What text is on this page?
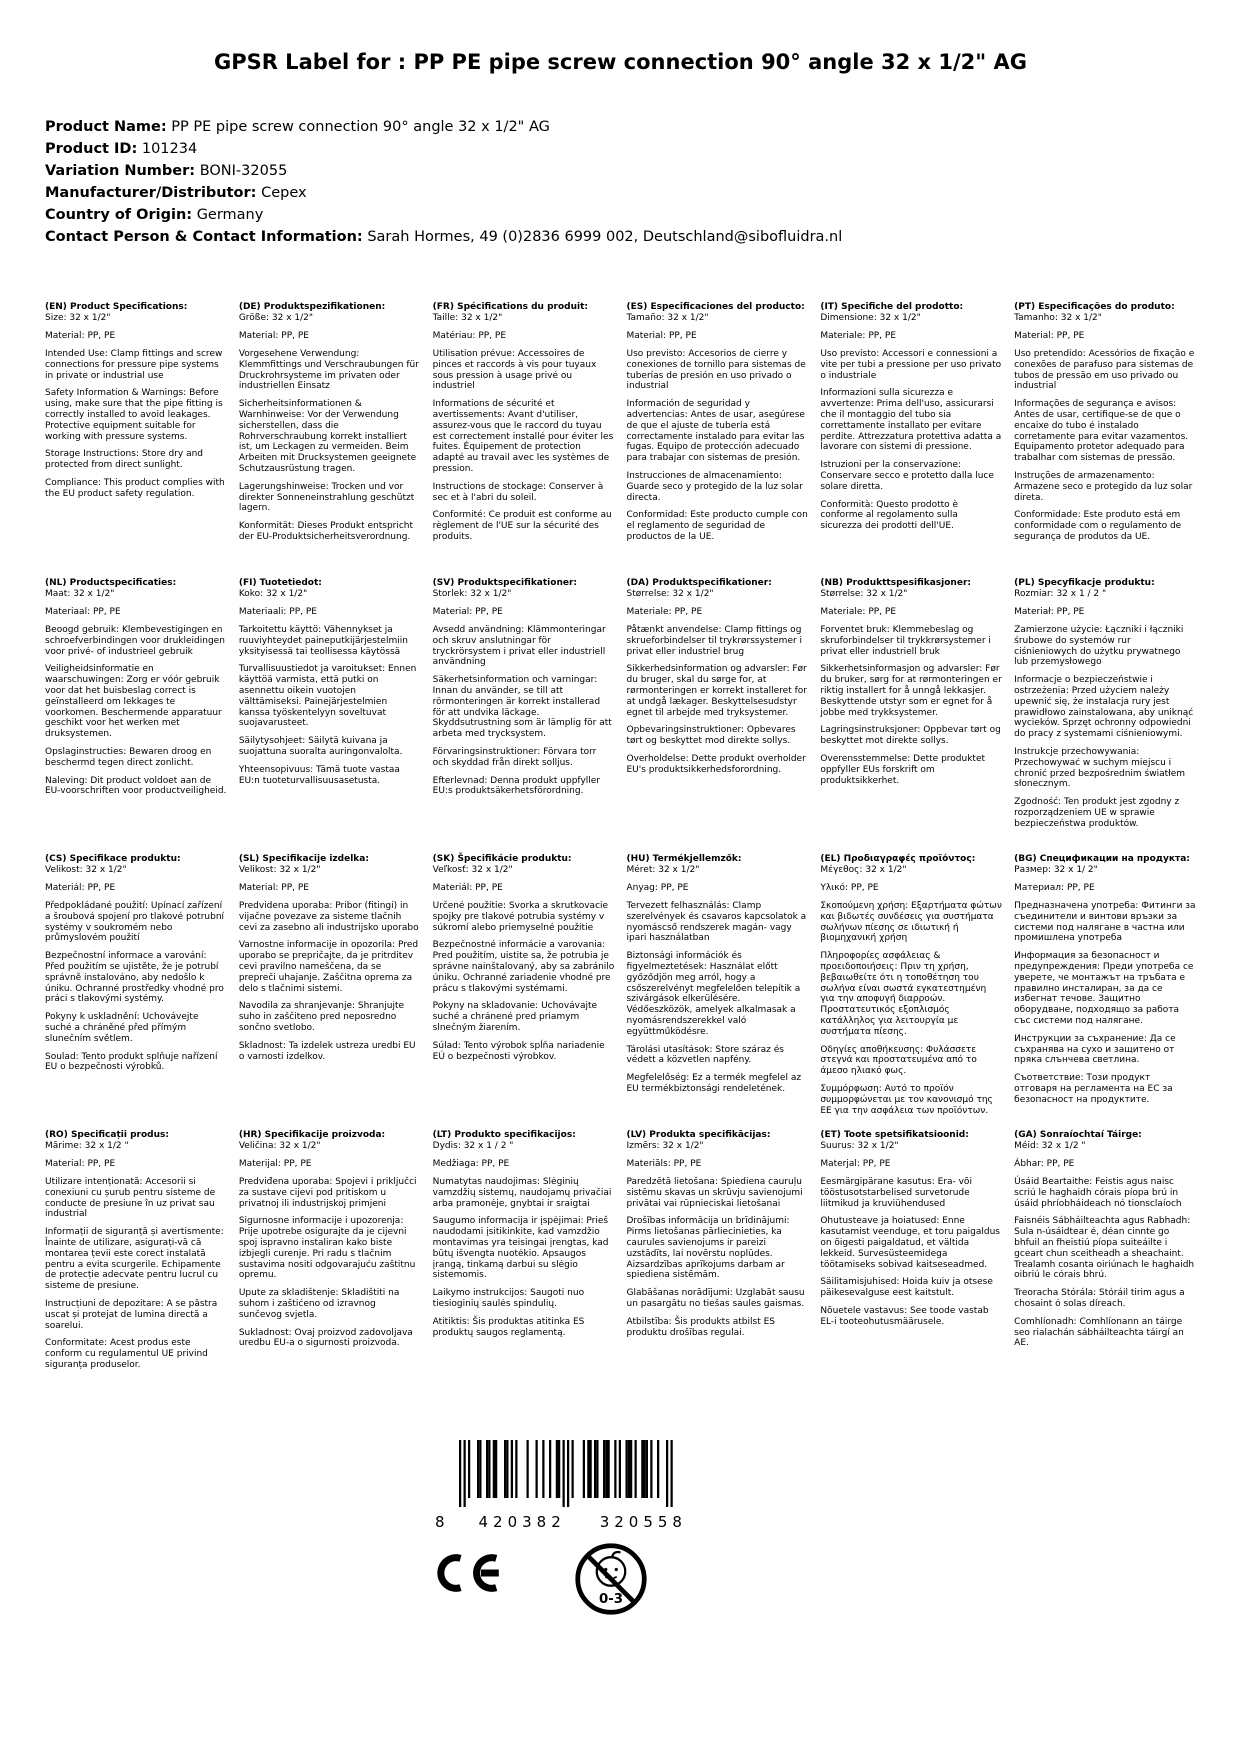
GPSR Label for : PP PE pipe screw connection 90° angle 32 x 1/2" AG
Product Name: PP PE pipe screw connection 90° angle 32 x 1/2" AG
Product ID: 101234
Variation Number: BONI-32055
Manufacturer/Distributor: Cepex
Country of Origin: Germany
Contact Person & Contact Information: Sarah Hormes, 49 (0)2836 6999 002, Deutschland@sibofluidra.nl
(EN) Product Specifications:

Size: 32 x 1/2"

Material: PP, PE

Intended Use: Clamp fittings and screw connections for pressure pipe systems in private or industrial use

Safety Information & Warnings: Before using, make sure that the pipe fitting is correctly installed to avoid leakages. Protective equipment suitable for working with pressure systems.

Storage Instructions: Store dry and protected from direct sunlight.

Compliance: This product complies with the EU product safety regulation.

(DE) Produktspezifikationen:

Größe: 32 x 1/2"

Material: PP, PE

Vorgesehene Verwendung: Klemmfittings und Verschraubungen für Druckrohrsysteme im privaten oder industriellen Einsatz

Sicherheitsinformationen & Warnhinweise: Vor der Verwendung sicherstellen, dass die Rohrverschraubung korrekt installiert ist, um Leckagen zu vermeiden. Beim Arbeiten mit Drucksystemen geeignete Schutzausrüstung tragen.

Lagerungshinweise: Trocken und vor direkter Sonneneinstrahlung geschützt lagern.

Konformität: Dieses Produkt entspricht der EU-Produktsicherheitsverordnung.

(FR) Spécifications du produit:

Taille: 32 x 1/2"

Matériau: PP, PE

Utilisation prévue: Accessoires de pinces et raccords à vis pour tuyaux sous pression à usage privé ou industriel

Informations de sécurité et avertissements: Avant d'utiliser, assurez-vous que le raccord du tuyau est correctement installé pour éviter les fuites. Équipement de protection adapté au travail avec les systèmes de pression.

Instructions de stockage: Conserver à sec et à l'abri du soleil.

Conformité: Ce produit est conforme au règlement de l'UE sur la sécurité des produits.

(ES) Especificaciones del producto:

Tamaño: 32 x 1/2"

Material: PP, PE

Uso previsto: Accesorios de cierre y conexiones de tornillo para sistemas de tuberías de presión en uso privado o industrial

Información de seguridad y advertencias: Antes de usar, asegúrese de que el ajuste de tubería está correctamente instalado para evitar las fugas. Equipo de protección adecuado para trabajar con sistemas de presión.

Instrucciones de almacenamiento: Guarde seco y protegido de la luz solar directa.

Conformidad: Este producto cumple con el reglamento de seguridad de productos de la UE.

(IT) Specifiche del prodotto:

Dimensione: 32 x 1/2"

Materiale: PP, PE

Uso previsto: Accessori e connessioni a vite per tubi a pressione per uso privato o industriale

Informazioni sulla sicurezza e avvertenze: Prima dell'uso, assicurarsi che il montaggio del tubo sia correttamente installato per evitare perdite. Attrezzatura protettiva adatta a lavorare con sistemi di pressione.

Istruzioni per la conservazione: Conservare secco e protetto dalla luce solare diretta.

Conformità: Questo prodotto è conforme al regolamento sulla sicurezza dei prodotti dell'UE.

(PT) Especificações do produto:

Tamanho: 32 x 1/2"

Material: PP, PE

Uso pretendido: Acessórios de fixação e conexões de parafuso para sistemas de tubos de pressão em uso privado ou industrial

Informações de segurança e avisos: Antes de usar, certifique-se de que o encaixe do tubo é instalado corretamente para evitar vazamentos. Equipamento protetor adequado para trabalhar com sistemas de pressão.

Instruções de armazenamento: Armazene seco e protegido da luz solar direta.

Conformidade: Este produto está em conformidade com o regulamento de segurança de produtos da UE.

(NL) Productspecificaties:

Maat: 32 x 1/2"

Materiaal: PP, PE

Beoogd gebruik: Klembevestigingen en schroefverbindingen voor drukleidingen voor privé- of industrieel gebruik

Veiligheidsinformatie en waarschuwingen: Zorg er vóór gebruik voor dat het buisbeslag correct is geïnstalleerd om lekkages te voorkomen. Beschermende apparatuur geschikt voor het werken met druksystemen.

Opslaginstructies: Bewaren droog en beschermd tegen direct zonlicht.

Naleving: Dit product voldoet aan de EU-voorschriften voor productveiligheid.

(FI) Tuotetiedot:

Koko: 32 x 1/2"

Materiaali: PP, PE

Tarkoitettu käyttö: Vähennykset ja ruuviyhteydet paineputkijärjestelmiin yksityisessä tai teollisessa käytössä

Turvallisuustiedot ja varoitukset: Ennen käyttöä varmista, että putki on asennettu oikein vuotojen välttämiseksi. Painejärjestelmien kanssa työskentelyyn soveltuvat suojavarusteet.

Säilytysohjeet: Säilytä kuivana ja suojattuna suoralta auringonvalolta.

Yhteensopivuus: Tämä tuote vastaa EU:n tuoteturvallisuusasetusta.

(SV) Produktspecifikationer:

Storlek: 32 x 1/2"

Material: PP, PE

Avsedd användning: Klämmonteringar och skruv anslutningar för tryckrörsystem i privat eller industriell användning

Säkerhetsinformation och varningar: Innan du använder, se till att rörmonteringen är korrekt installerad för att undvika läckage. Skyddsutrustning som är lämplig för att arbeta med trycksystem.

Förvaringsinstruktioner: Förvara torr och skyddad från direkt solljus.

Efterlevnad: Denna produkt uppfyller EU:s produktsäkerhetsförordning.

(DA) Produktspecifikationer:

Størrelse: 32 x 1/2"

Materiale: PP, PE

Påtænkt anvendelse: Clamp fittings og skrueforbindelser til trykrørssystemer i privat eller industriel brug

Sikkerhedsinformation og advarsler: Før du bruger, skal du sørge for, at rørmonteringen er korrekt installeret for at undgå lækager. Beskyttelsesudstyr egnet til arbejde med tryksystemer.

Opbevaringsinstruktioner: Opbevares tørt og beskyttet mod direkte sollys.

Overholdelse: Dette produkt overholder EU's produktsikkerhedsforordning.

(NB) Produkttspesifikasjoner:

Størrelse: 32 x 1/2"

Materiale: PP, PE

Forventet bruk: Klemmebeslag og skruforbindelser til trykkrørsystemer i privat eller industriell bruk

Sikkerhetsinformasjon og advarsler: Før du bruker, sørg for at rørmonteringen er riktig installert for å unngå lekkasjer. Beskyttende utstyr som er egnet for å jobbe med trykksystemer.

Lagringsinstruksjoner: Oppbevar tørt og beskyttet mot direkte sollys.

Overensstemmelse: Dette produktet oppfyller EUs forskrift om produktsikkerhet.

(PL) Specyfikacje produktu:

Rozmiar: 32 x 1 / 2 "

Materiał: PP, PE

Zamierzone użycie: Łączniki i łączniki śrubowe do systemów rur ciśnieniowych do użytku prywatnego lub przemysłowego

Informacje o bezpieczeństwie i ostrzeżenia: Przed użyciem należy upewnić się, że instalacja rury jest prawidłowo zainstalowana, aby uniknąć wycieków. Sprzęt ochronny odpowiedni do pracy z systemami ciśnieniowymi.

Instrukcje przechowywania: Przechowywać w suchym miejscu i chronić przed bezpośrednim światłem słonecznym.

Zgodność: Ten produkt jest zgodny z rozporządzeniem UE w sprawie bezpieczeństwa produktów.

(CS) Specifikace produktu:

Velikost: 32 x 1/2"

Materiál: PP, PE

Předpokládané použití: Upínací zařízení a šroubová spojení pro tlakové potrubní systémy v soukromém nebo průmyslovém použití

Bezpečnostní informace a varování: Před použitím se ujistěte, že je potrubí správně instalováno, aby nedošlo k úniku. Ochranné prostředky vhodné pro práci s tlakovými systémy.

Pokyny k uskladnění: Uchovávejte suché a chráněné před přímým slunečním světlem.

Soulad: Tento produkt splňuje nařízení EU o bezpečnosti výrobků.

(SL) Specifikacije izdelka:

Velikost: 32 x 1/2"

Material: PP, PE

Predvidena uporaba: Pribor (fitingi) in vijačne povezave za sisteme tlačnih cevi za zasebno ali industrijsko uporabo

Varnostne informacije in opozorila: Pred uporabo se prepričajte, da je pritrditev cevi pravilno nameščena, da se prepreči uhajanje. Zaščitna oprema za delo s tlačnimi sistemi.

Navodila za shranjevanje: Shranjujte suho in zaščiteno pred neposredno sončno svetlobo.

Skladnost: Ta izdelek ustreza uredbi EU o varnosti izdelkov.

(SK) Špecifikácie produktu:

Veľkosť: 32 x 1/2"

Materiál: PP, PE

Určené použitie: Svorka a skrutkovacie spojky pre tlakové potrubia systémy v súkromí alebo priemyselné použitie

Bezpečnostné informácie a varovania: Pred použitím, uistite sa, že potrubia je správne nainštalovaný, aby sa zabránilo úniku. Ochranné zariadenie vhodné pre prácu s tlakovými systémami.

Pokyny na skladovanie: Uchovávajte suché a chránené pred priamym slnečným žiarením.

Súlad: Tento výrobok spĺňa nariadenie EÚ o bezpečnosti výrobkov.

(HU) Termékjellemzők:

Méret: 32 x 1/2"

Anyag: PP, PE

Tervezett felhasználás: Clamp szerelvények és csavaros kapcsolatok a nyomáscső rendszerek magán- vagy ipari használatban

Biztonsági információk és figyelmeztetések: Használat előtt győződjön meg arról, hogy a csőszerelvényt megfelelően telepítik a szivárgások elkerülésére. Védőeszközök, amelyek alkalmasak a nyomásrendszerekkel való együttműködésre.

Tárolási utasítások: Store száraz és védett a közvetlen napfény.

Megfelelőség: Ez a termék megfelel az EU termékbiztonsági rendeletének.

(EL) Προδιαγραφές προϊόντος:

Μέγεθος: 32 x 1/2"

Υλικό: PP, PE

Σκοπούμενη χρήση: Εξαρτήματα φώτων και βιδωτές συνδέσεις για συστήματα σωλήνων πίεσης σε ιδιωτική ή βιομηχανική χρήση

Πληροφορίες ασφάλειας & προειδοποιήσεις: Πριν τη χρήση, βεβαιωθείτε ότι η τοποθέτηση του σωλήνα είναι σωστά εγκατεστημένη για την αποφυγή διαρροών. Προστατευτικός εξοπλισμός κατάλληλος για λειτουργία με συστήματα πίεσης.

Οδηγίες αποθήκευσης: Φυλάσσετε στεγνά και προστατευμένα από το άμεσο ηλιακό φως.

Συμμόρφωση: Αυτό το προϊόν συμμορφώνεται με τον κανονισμό της ΕΕ για την ασφάλεια των προϊόντων.

(BG) Спецификации на продукта:

Размер: 32 x 1/ 2"

Материал: PP, PE

Предназначена употреба: Фитинги за съединители и винтови връзки за системи под налягане в частна или промишлена употреба

Информация за безопасност и предупреждения: Преди употреба се уверете, че монтажът на тръбата е правилно инсталиран, за да се избегнат течове. Защитно оборудване, подходящо за работа със системи под налягане.

Инструкции за съхранение: Да се съхранява на сухо и защитено от пряка слънчева светлина.

Съответствие: Този продукт отговаря на регламента на ЕС за безопасност на продуктите.

(RO) Specificații produs:

Mărime: 32 x 1/2 "

Material: PP, PE

Utilizare intenționată: Accesorii si conexiuni cu șurub pentru sisteme de conducte de presiune în uz privat sau industrial

Informații de siguranță și avertismente: Înainte de utilizare, asigurați-vă că montarea țevii este corect instalată pentru a evita scurgerile. Echipamente de protecție adecvate pentru lucrul cu sisteme de presiune.

Instrucțiuni de depozitare: A se păstra uscat și protejat de lumina directă a soarelui.

Conformitate: Acest produs este conform cu regulamentul UE privind siguranța produselor.

(HR) Specifikacije proizvoda:

Veličina: 32 x 1/2"

Materijal: PP, PE

Predviđena uporaba: Spojevi i priključci za sustave cijevi pod pritiskom u privatnoj ili industrijskoj primjeni

Sigurnosne informacije i upozorenja: Prije upotrebe osigurajte da je cijevni spoj ispravno instaliran kako biste izbjegli curenje. Pri radu s tlačnim sustavima nositi odgovarajuću zaštitnu opremu.

Upute za skladištenje: Skladištiti na suhom i zaštićeno od izravnog sunčevog svjetla.

Sukladnost: Ovaj proizvod zadovoljava uredbu EU-a o sigurnosti proizvoda.

(LT) Produkto specifikacijos:

Dydis: 32 x 1 / 2 "

Medžiaga: PP, PE

Numatytas naudojimas: Slėginių vamzdžių sistemų, naudojamų privačiai arba pramonėje, gnybtai ir sraigtai

Saugumo informacija ir įspėjimai: Prieš naudodami įsitikinkite, kad vamzdžio montavimas yra teisingai įrengtas, kad būtų išvengta nuotėkio. Apsaugos įrangą, tinkamą darbui su slėgio sistemomis.

Laikymo instrukcijos: Saugoti nuo tiesioginių saulės spindulių.

Atitiktis: Šis produktas atitinka ES produktų saugos reglamentą.

(LV) Produkta specifikācijas:

Izmērs: 32 x 1/2"

Materiāls: PP, PE

Paredzētā lietošana: Spiediena cauruļu sistēmu skavas un skrūvju savienojumi privātai vai rūpnieciskai lietošanai

Drošības informācija un brīdinājumi: Pirms lietošanas pārliecinieties, ka caurules savienojums ir pareizi uzstādīts, lai novērstu noplūdes. Aizsardzības aprīkojums darbam ar spiediena sistēmām.

Glabāšanas norādījumi: Uzglabāt sausu un pasargātu no tiešas saules gaismas.

Atbilstība: Šis produkts atbilst ES produktu drošības regulai.

(ET) Toote spetsifikatsioonid:

Suurus: 32 x 1/2"

Materjal: PP, PE

Eesmärgipärane kasutus: Era- või tööstusotstarbelised survetorude liitmikud ja kruviühendused

Ohutusteave ja hoiatused: Enne kasutamist veenduge, et toru paigaldus on õigesti paigaldatud, et vältida lekkeid. Survesüsteemidega töötamiseks sobivad kaitseseadmed.

Säilitamisjuhised: Hoida kuiv ja otsese päikesevalguse eest kaitstult.

Nõuetele vastavus: See toode vastab EL-i tooteohutusmäärusele.

(GA) Sonraíochtaí Táirge:

Méid: 32 x 1/2 "

Ábhar: PP, PE

Úsáid Beartaithe: Feistis agus naisc scriú le haghaidh córais píopa brú in úsáid phríobháideach nó tionsclaíoch

Faisnéis Sábháilteachta agus Rabhadh: Sula n-úsáidtear é, déan cinnte go bhfuil an fheistiú píopa suiteáilte i gceart chun sceitheadh a sheachaint. Trealamh cosanta oiriúnach le haghaidh oibriú le córais bhrú.

Treoracha Stórála: Stóráil tirim agus a chosaint ó solas díreach.

Comhlíonadh: Comhlíonann an táirge seo rialachán sábháilteachta táirgí an AE.

8 420382 320558
0-3
